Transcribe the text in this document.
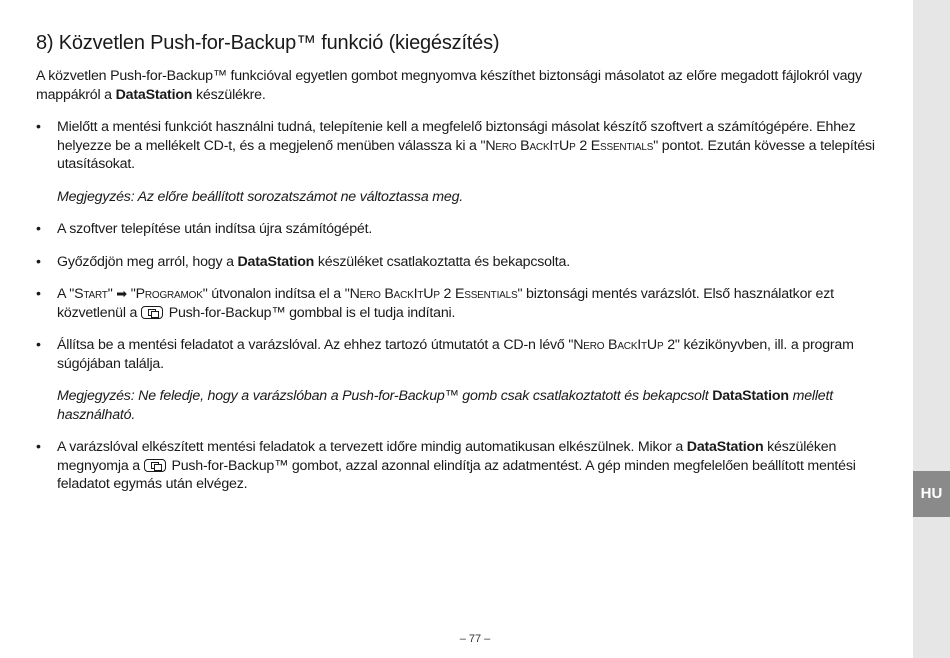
8) Közvetlen Push-for-Backup™ funkció (kiegészítés)

A közvetlen Push-for-Backup™ funkcióval egyetlen gombot megnyomva készíthet biztonsági másolatot az előre megadott fájlokról vagy mappákról a DataStation készülékre.

• Mielőtt a mentési funkciót használni tudná, telepítenie kell a megfelelő biztonsági másolat készítő szoftvert a számítógépére. Ehhez helyezze be a mellékelt CD-t, és a megjelenő menüben válassza ki a "Nero BackItUp 2 Essentials" pontot. Ezután kövesse a telepítési utasításokat.
Megjegyzés: Az előre beállított sorozatszámot ne változtassa meg.
• A szoftver telepítése után indítsa újra számítógépét.
• Győződjön meg arról, hogy a DataStation készüléket csatlakoztatta és bekapcsolta.
• A "Start" ➡ "Programok" útvonalon indítsa el a "Nero BackItUp 2 Essentials" biztonsági mentés varázslót. Első használatkor ezt közvetlenül a  Push-for-Backup™ gombbal is el tudja indítani.
• Állítsa be a mentési feladatot a varázslóval. Az ehhez tartozó útmutatót a CD-n lévő "Nero BackItUp 2" kézikönyvben, ill. a program súgójában találja.
Megjegyzés: Ne feledje, hogy a varázslóban a Push-for-Backup™ gomb csak csatlakoztatott és bekapcsolt DataStation mellett használható.
• A varázslóval elkészített mentési feladatok a tervezett időre mindig automatikusan elkészülnek. Mikor a DataStation készüléken megnyomja a  Push-for-Backup™ gombot, azzal azonnal elindítja az adatmentést. A gép minden megfelelően beállított mentési feladatot egymás után elvégez.
HU
– 77 –
